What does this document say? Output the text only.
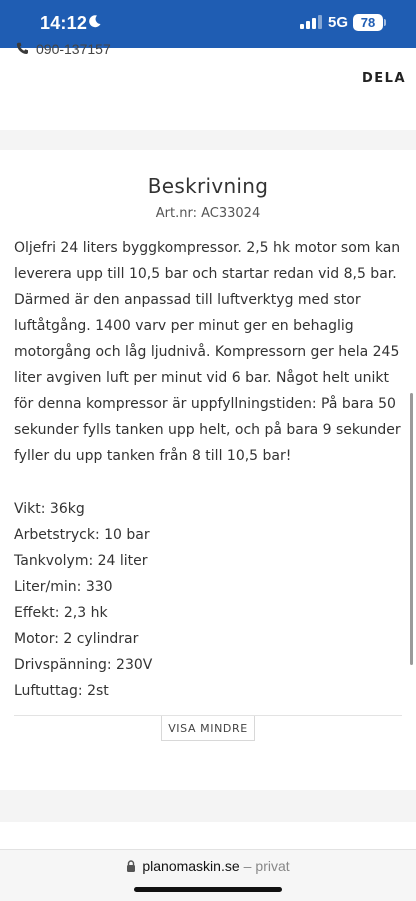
14:12	5G 78
090-137157
DELA
Beskrivning
Art.nr: AC33024

Oljefri 24 liters byggkompressor. 2,5 hk motor som kan leverera upp till 10,5 bar och startar redan vid 8,5 bar. Därmed är den anpassad till luftverktyg med stor luftåtgång. 1400 varv per minut ger en behaglig motorgång och låg ljudnivå. Kompressorn ger hela 245 liter avgiven luft per minut vid 6 bar. Något helt unikt för denna kompressor är uppfyllningstiden: På bara 50 sekunder fylls tanken upp helt, och på bara 9 sekunder fyller du upp tanken från 8 till 10,5 bar!

Vikt: 36kg
Arbetstryck: 10 bar
Tankvolym: 24 liter
Liter/min: 330
Effekt: 2,3 hk
Motor: 2 cylindrar
Drivspänning: 230V
Luftuttag: 2st
VISA MINDRE
planomaskin.se – privat
